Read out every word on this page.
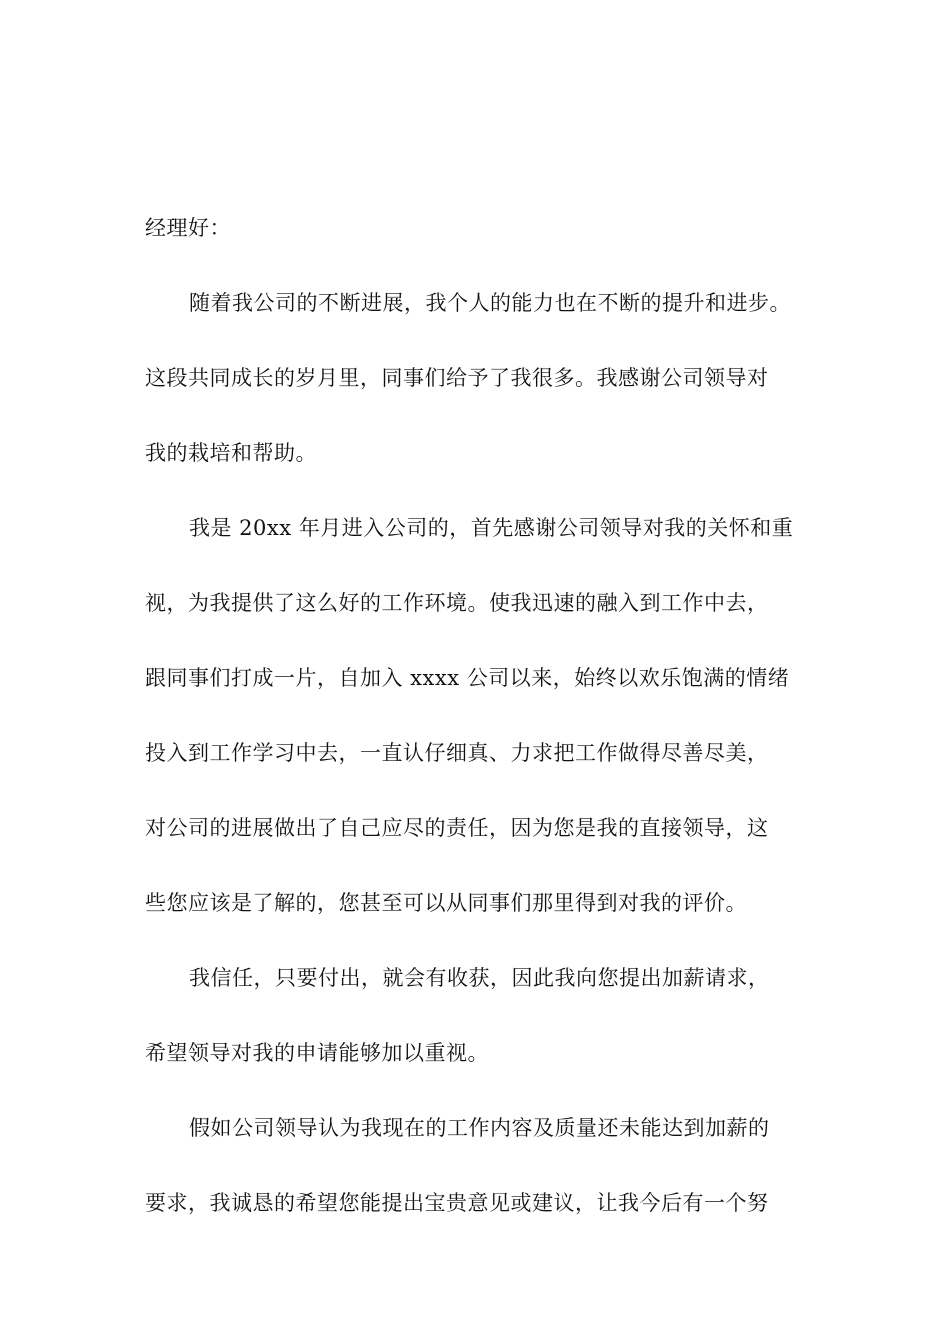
经理好：
随着我公司的不断进展，我个人的能力也在不断的提升和进步。
这段共同成长的岁月里，同事们给予了我很多。我感谢公司领导对
我的栽培和帮助。
我是 20xx 年月进入公司的，首先感谢公司领导对我的关怀和重
视，为我提供了这么好的工作环境。使我迅速的融入到工作中去，
跟同事们打成一片，自加入 xxxx 公司以来，始终以欢乐饱满的情绪
投入到工作学习中去，一直认仔细真、力求把工作做得尽善尽美，
对公司的进展做出了自己应尽的责任，因为您是我的直接领导，这
些您应该是了解的，您甚至可以从同事们那里得到对我的评价。
我信任，只要付出，就会有收获，因此我向您提出加薪请求，
希望领导对我的申请能够加以重视。
假如公司领导认为我现在的工作内容及质量还未能达到加薪的
要求，我诚恳的希望您能提出宝贵意见或建议，让我今后有一个努
